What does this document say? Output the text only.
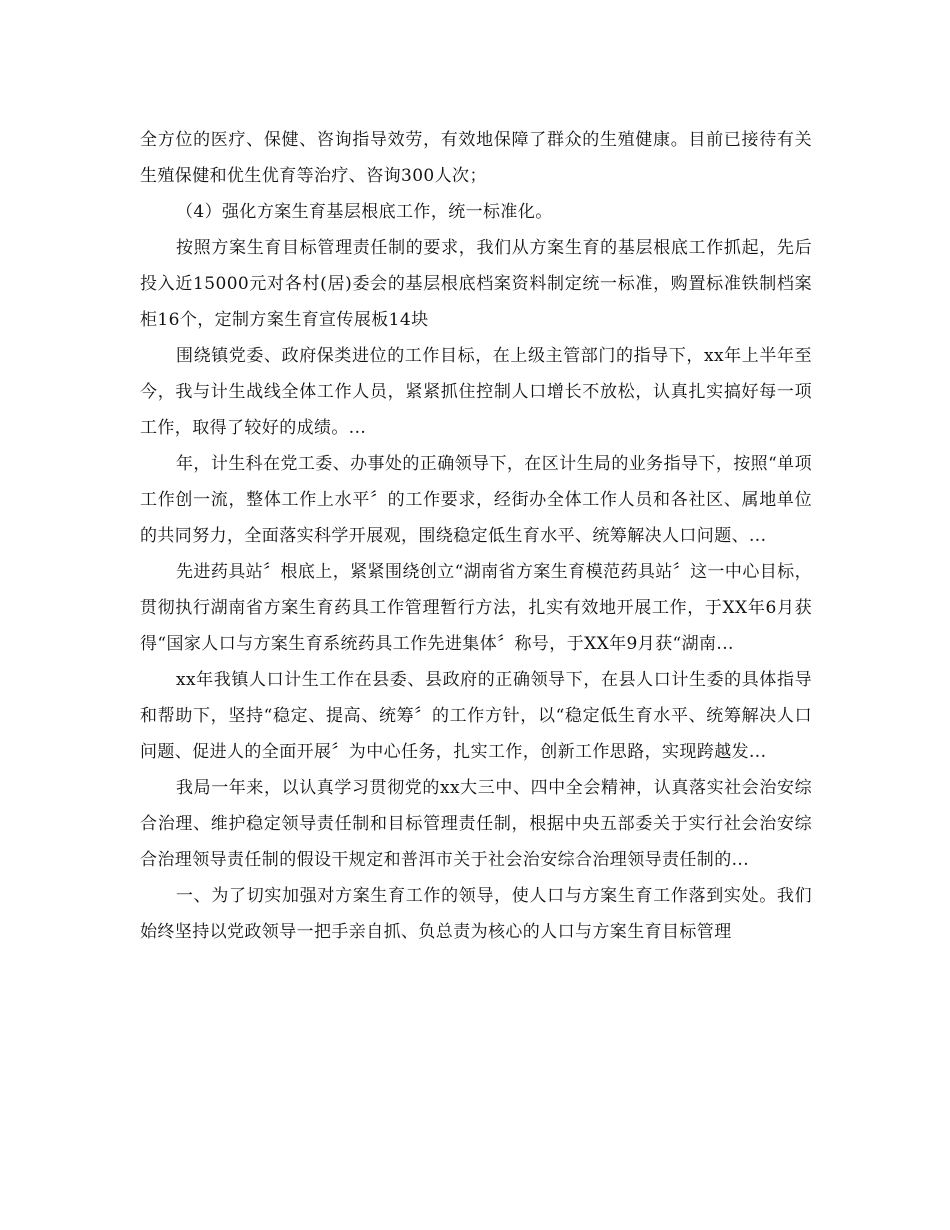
全方位的医疗、保健、咨询指导效劳，有效地保障了群众的生殖健康。目前已接待有关生殖保健和优生优育等治疗、咨询300人次；

（4）强化方案生育基层根底工作，统一标准化。

按照方案生育目标管理责任制的要求，我们从方案生育的基层根底工作抓起，先后投入近15000元对各村(居)委会的基层根底档案资料制定统一标准，购置标准铁制档案柜16个，定制方案生育宣传展板14块

围绕镇党委、政府保类进位的工作目标，在上级主管部门的指导下，xx年上半年至今，我与计生战线全体工作人员，紧紧抓住控制人口增长不放松，认真扎实搞好每一项工作，取得了较好的成绩。...

年，计生科在党工委、办事处的正确领导下，在区计生局的业务指导下，按照“单项工作创一流，整体工作上水平〞的工作要求，经街办全体工作人员和各社区、属地单位的共同努力，全面落实科学开展观，围绕稳定低生育水平、统筹解决人口问题、...

先进药具站〞根底上，紧紧围绕创立“湖南省方案生育模范药具站〞这一中心目标，贯彻执行湖南省方案生育药具工作管理暂行方法，扎实有效地开展工作，于XX年6月获得“国家人口与方案生育系统药具工作先进集体〞称号，于XX年9月获“湖南...

xx年我镇人口计生工作在县委、县政府的正确领导下，在县人口计生委的具体指导和帮助下，坚持“稳定、提高、统筹〞的工作方针，以“稳定低生育水平、统筹解决人口问题、促进人的全面开展〞为中心任务，扎实工作，创新工作思路，实现跨越发...

我局一年来，以认真学习贯彻党的xx大三中、四中全会精神，认真落实社会治安综合治理、维护稳定领导责任制和目标管理责任制，根据中央五部委关于实行社会治安综合治理领导责任制的假设干规定和普洱市关于社会治安综合治理领导责任制的...

一、为了切实加强对方案生育工作的领导，使人口与方案生育工作落到实处。我们始终坚持以党政领导一把手亲自抓、负总责为核心的人口与方案生育目标管理
